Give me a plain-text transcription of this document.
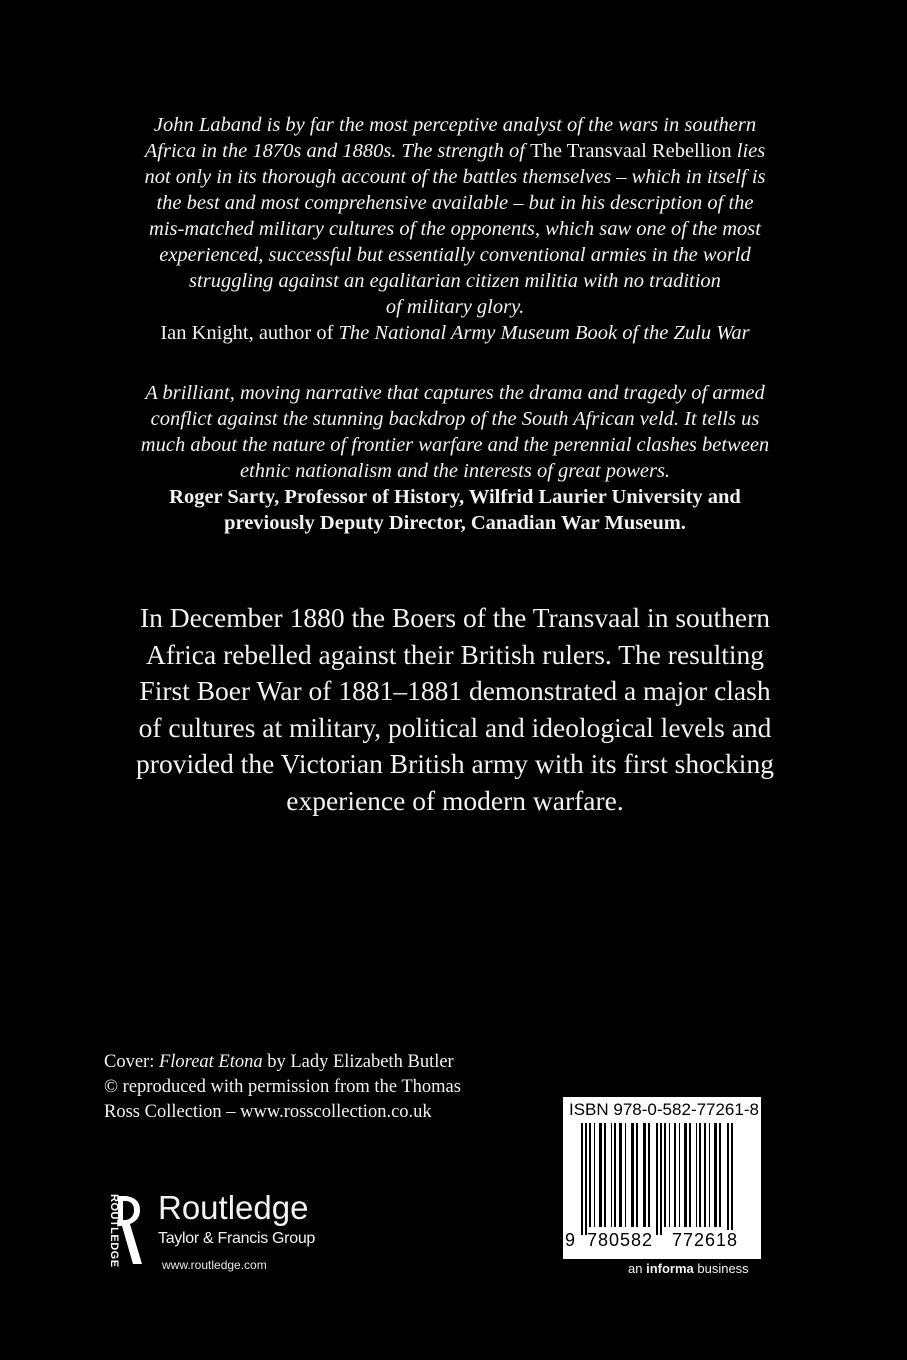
John Laband is by far the most perceptive analyst of the wars in southern
Africa in the 1870s and 1880s. The strength of The Transvaal Rebellion lies
not only in its thorough account of the battles themselves – which in itself is
the best and most comprehensive available – but in his description of the
mis-matched military cultures of the opponents, which saw one of the most
experienced, successful but essentially conventional armies in the world
struggling against an egalitarian citizen militia with no tradition
of military glory.
Ian Knight, author of The National Army Museum Book of the Zulu War
A brilliant, moving narrative that captures the drama and tragedy of armed
conflict against the stunning backdrop of the South African veld. It tells us
much about the nature of frontier warfare and the perennial clashes between
ethnic nationalism and the interests of great powers.
Roger Sarty, Professor of History, Wilfrid Laurier University and
previously Deputy Director, Canadian War Museum.
In December 1880 the Boers of the Transvaal in southern
Africa rebelled against their British rulers. The resulting
First Boer War of 1881–1881 demonstrated a major clash
of cultures at military, political and ideological levels and
provided the Victorian British army with its first shocking
experience of modern warfare.
Cover: Floreat Etona by Lady Elizabeth Butler
© reproduced with permission from the Thomas
Ross Collection – www.rosscollection.co.uk
ROUTLEDGE Routledge
Taylor & Francis Group
www.routledge.com
ISBN 978-0-582-77261-8
9 780582 772618
an informa business
